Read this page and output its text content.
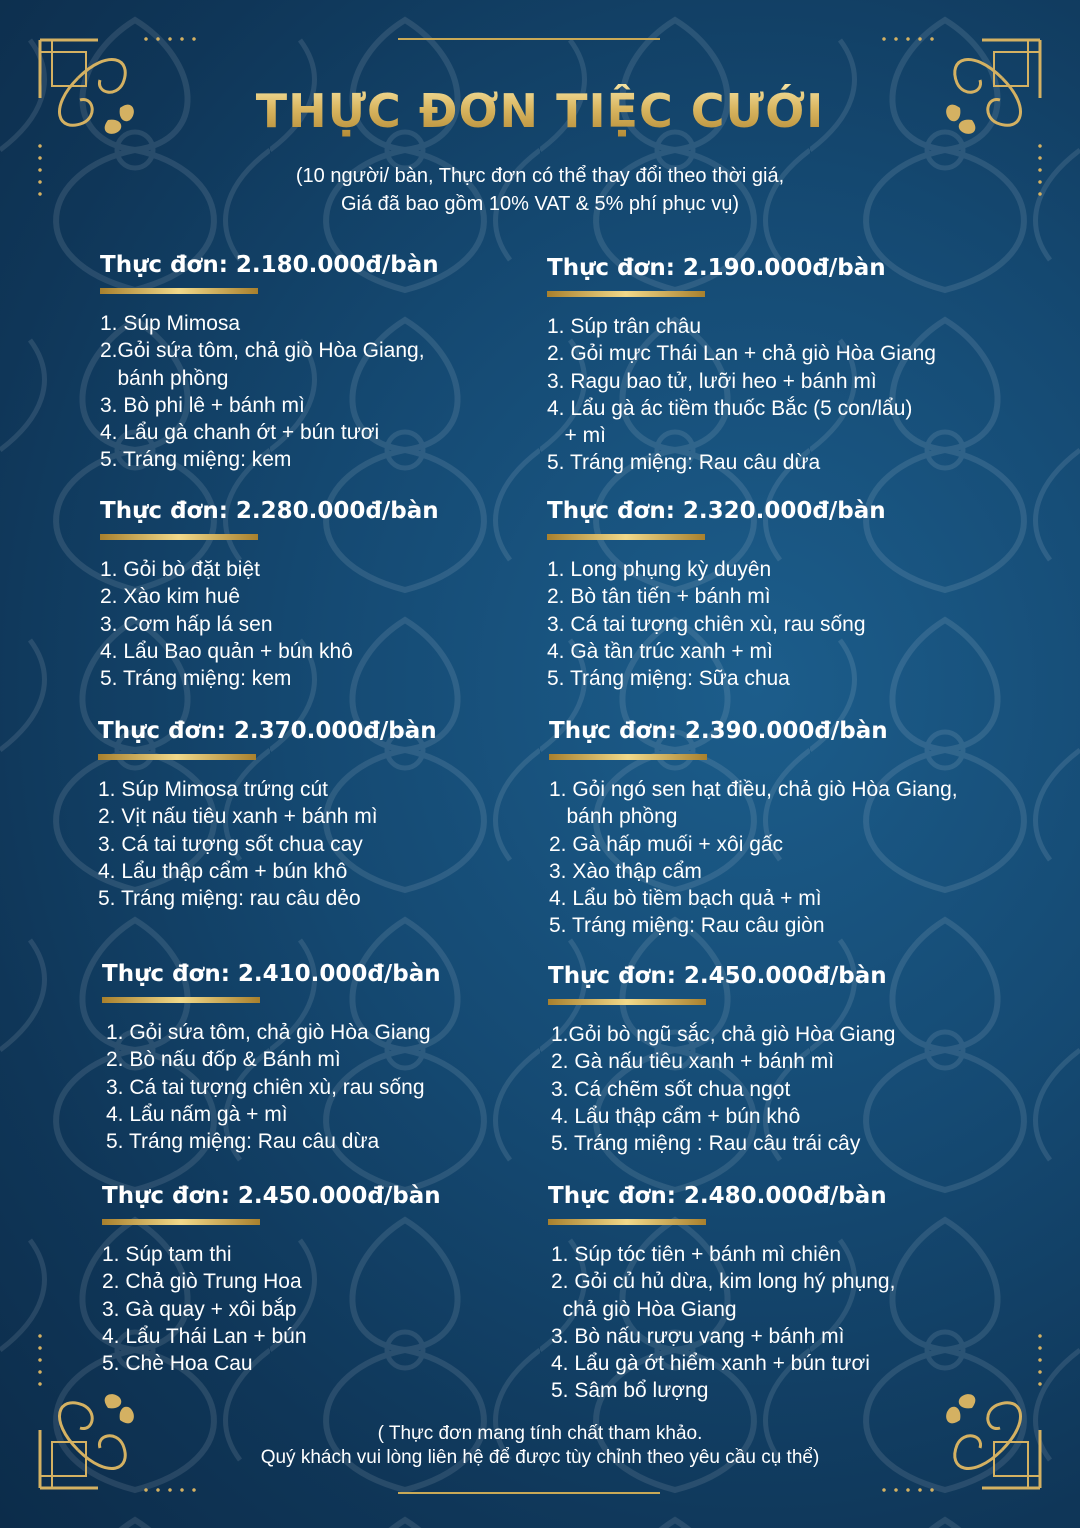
THỰC ĐƠN TIỆC CƯỚI
(10 người/ bàn, Thực đơn có thể thay đổi theo thời giá,
Giá đã bao gồm 10% VAT & 5% phí phục vụ)
Thực đơn: 2.180.000đ/bàn
1. Súp Mimosa
2.Gỏi sứa tôm, chả giò Hòa Giang,
bánh phồng
3. Bò phi lê + bánh mì
4. Lẩu gà chanh ớt + bún tươi
5. Tráng miệng: kem
Thực đơn: 2.190.000đ/bàn
1. Súp trân châu
2. Gỏi mực Thái Lan + chả giò Hòa Giang
3. Ragu bao tử, lưỡi heo + bánh mì
4. Lẩu gà ác tiềm thuốc Bắc (5 con/lẩu)
+ mì
5. Tráng miệng: Rau câu dừa
Thực đơn: 2.280.000đ/bàn
1. Gỏi bò đặt biệt
2. Xào kim huê
3. Cơm hấp lá sen
4. Lẩu Bao quản + bún khô
5. Tráng miệng: kem
Thực đơn: 2.320.000đ/bàn
1. Long phụng kỳ duyên
2. Bò tân tiến + bánh mì
3. Cá tai tượng chiên xù, rau sống
4. Gà tần trúc xanh + mì
5. Tráng miệng: Sữa chua
Thực đơn: 2.370.000đ/bàn
1. Súp Mimosa trứng cút
2. Vịt nấu tiêu xanh + bánh mì
3. Cá tai tượng sốt chua cay
4. Lẩu thập cẩm + bún khô
5. Tráng miệng: rau câu dẻo
Thực đơn: 2.390.000đ/bàn
1. Gỏi ngó sen hạt điều, chả giò Hòa Giang,
bánh phồng
2. Gà hấp muối + xôi gấc
3. Xào thập cẩm
4. Lẩu bò tiềm bạch quả + mì
5. Tráng miệng: Rau câu giòn
Thực đơn: 2.410.000đ/bàn
1. Gỏi sứa tôm, chả giò Hòa Giang
2. Bò nấu đốp & Bánh mì
3. Cá tai tượng chiên xù, rau sống
4. Lẩu nấm gà + mì
5. Tráng miệng: Rau câu dừa
Thực đơn: 2.450.000đ/bàn
1.Gỏi bò ngũ sắc, chả giò Hòa Giang
2. Gà nấu tiêu xanh + bánh mì
3. Cá chẽm sốt chua ngọt
4. Lẩu thập cẩm + bún khô
5. Tráng miệng : Rau câu trái cây
Thực đơn: 2.450.000đ/bàn
1. Súp tam thi
2. Chả giò Trung Hoa
3. Gà quay + xôi bắp
4. Lẩu Thái Lan + bún
5. Chè Hoa Cau
Thực đơn: 2.480.000đ/bàn
1. Súp tóc tiên + bánh mì chiên
2. Gỏi củ hủ dừa, kim long hý phụng,
chả giò Hòa Giang
3. Bò nấu rượu vang + bánh mì
4. Lẩu gà ớt hiểm xanh + bún tươi
5. Sâm bổ lượng
( Thực đơn mang tính chất tham khảo.
Quý khách vui lòng liên hệ để được tùy chỉnh theo yêu cầu cụ thể)
